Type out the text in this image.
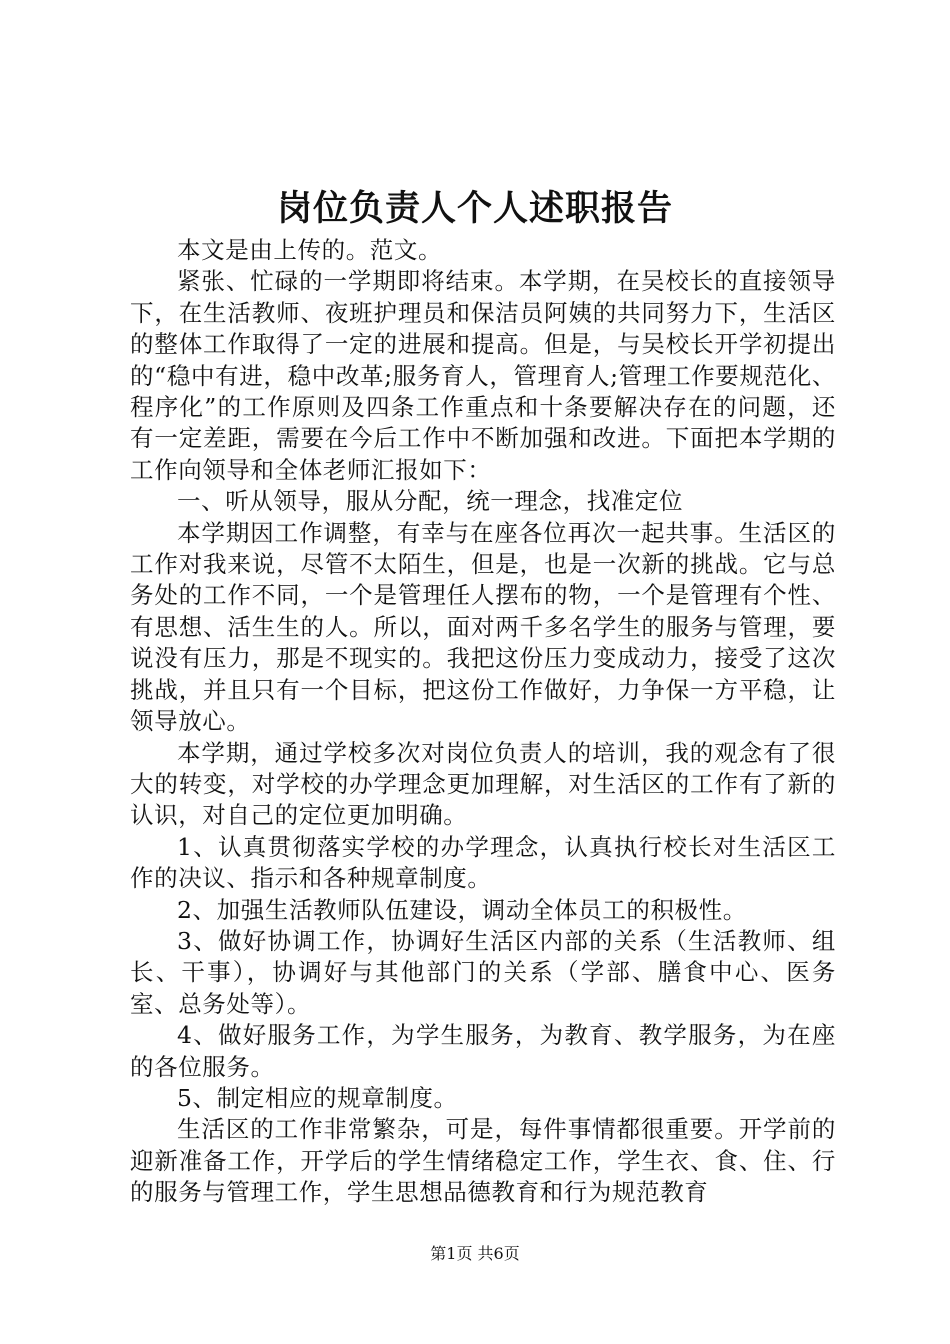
岗位负责人个人述职报告

本文是由上传的。范文。

紧张、忙碌的一学期即将结束。本学期，在吴校长的直接领导下，在生活教师、夜班护理员和保洁员阿姨的共同努力下，生活区的整体工作取得了一定的进展和提高。但是，与吴校长开学初提出的“稳中有进，稳中改革;服务育人，管理育人;管理工作要规范化、程序化”的工作原则及四条工作重点和十条要解决存在的问题，还有一定差距，需要在今后工作中不断加强和改进。下面把本学期的工作向领导和全体老师汇报如下：

一、听从领导，服从分配，统一理念，找准定位

本学期因工作调整，有幸与在座各位再次一起共事。生活区的工作对我来说，尽管不太陌生，但是，也是一次新的挑战。它与总务处的工作不同，一个是管理任人摆布的物，一个是管理有个性、有思想、活生生的人。所以，面对两千多名学生的服务与管理，要说没有压力，那是不现实的。我把这份压力变成动力，接受了这次挑战，并且只有一个目标，把这份工作做好，力争保一方平稳，让领导放心。

本学期，通过学校多次对岗位负责人的培训，我的观念有了很大的转变，对学校的办学理念更加理解，对生活区的工作有了新的认识，对自己的定位更加明确。

1、认真贯彻落实学校的办学理念，认真执行校长对生活区工作的决议、指示和各种规章制度。

2、加强生活教师队伍建设，调动全体员工的积极性。

3、做好协调工作，协调好生活区内部的关系（生活教师、组长、干事），协调好与其他部门的关系（学部、膳食中心、医务室、总务处等）。

4、做好服务工作，为学生服务，为教育、教学服务，为在座的各位服务。

5、制定相应的规章制度。

生活区的工作非常繁杂，可是，每件事情都很重要。开学前的迎新准备工作，开学后的学生情绪稳定工作，学生衣、食、住、行的服务与管理工作，学生思想品德教育和行为规范教育

第1页 共6页
